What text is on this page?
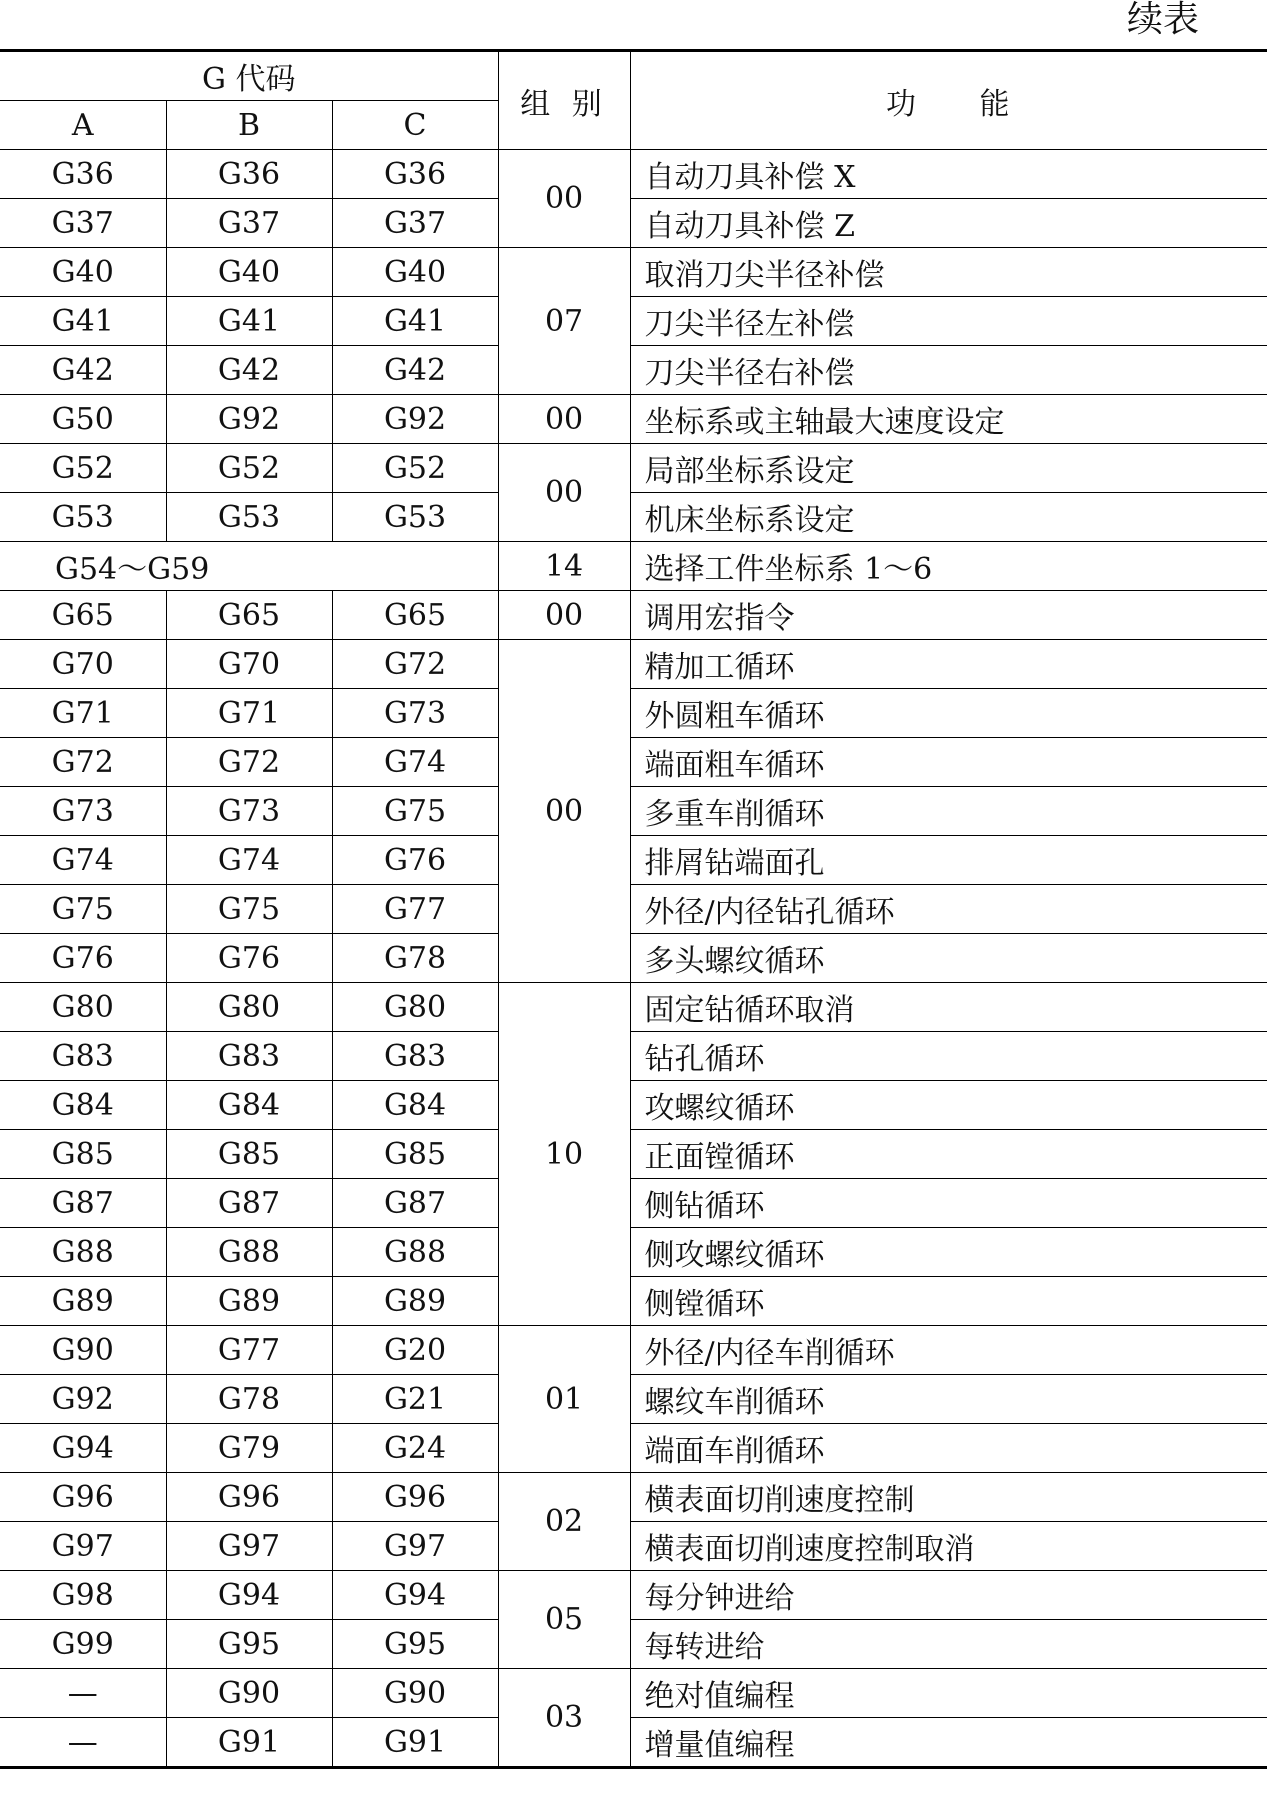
续表
G 代码			组 别	功 能
A	B	C		
G36	G36	G36	00	自动刀具补偿 X
G37	G37	G37		自动刀具补偿 Z
G40	G40	G40	07	取消刀尖半径补偿
G41	G41	G41		刀尖半径左补偿
G42	G42	G42		刀尖半径右补偿
G50	G92	G92	00	坐标系或主轴最大速度设定
G52	G52	G52	00	局部坐标系设定
G53	G53	G53		机床坐标系设定
G54～G59			14	选择工件坐标系 1～6
G65	G65	G65	00	调用宏指令
G70	G70	G72	00	精加工循环
G71	G71	G73		外圆粗车循环
G72	G72	G74		端面粗车循环
G73	G73	G75		多重车削循环
G74	G74	G76		排屑钻端面孔
G75	G75	G77		外径/内径钻孔循环
G76	G76	G78		多头螺纹循环
G80	G80	G80	10	固定钻循环取消
G83	G83	G83		钻孔循环
G84	G84	G84		攻螺纹循环
G85	G85	G85		正面镗循环
G87	G87	G87		侧钻循环
G88	G88	G88		侧攻螺纹循环
G89	G89	G89		侧镗循环
G90	G77	G20	01	外径/内径车削循环
G92	G78	G21		螺纹车削循环
G94	G79	G24		端面车削循环
G96	G96	G96	02	横表面切削速度控制
G97	G97	G97		横表面切削速度控制取消
G98	G94	G94	05	每分钟进给
G99	G95	G95		每转进给
—	G90	G90	03	绝对值编程
—	G91	G91		增量值编程
